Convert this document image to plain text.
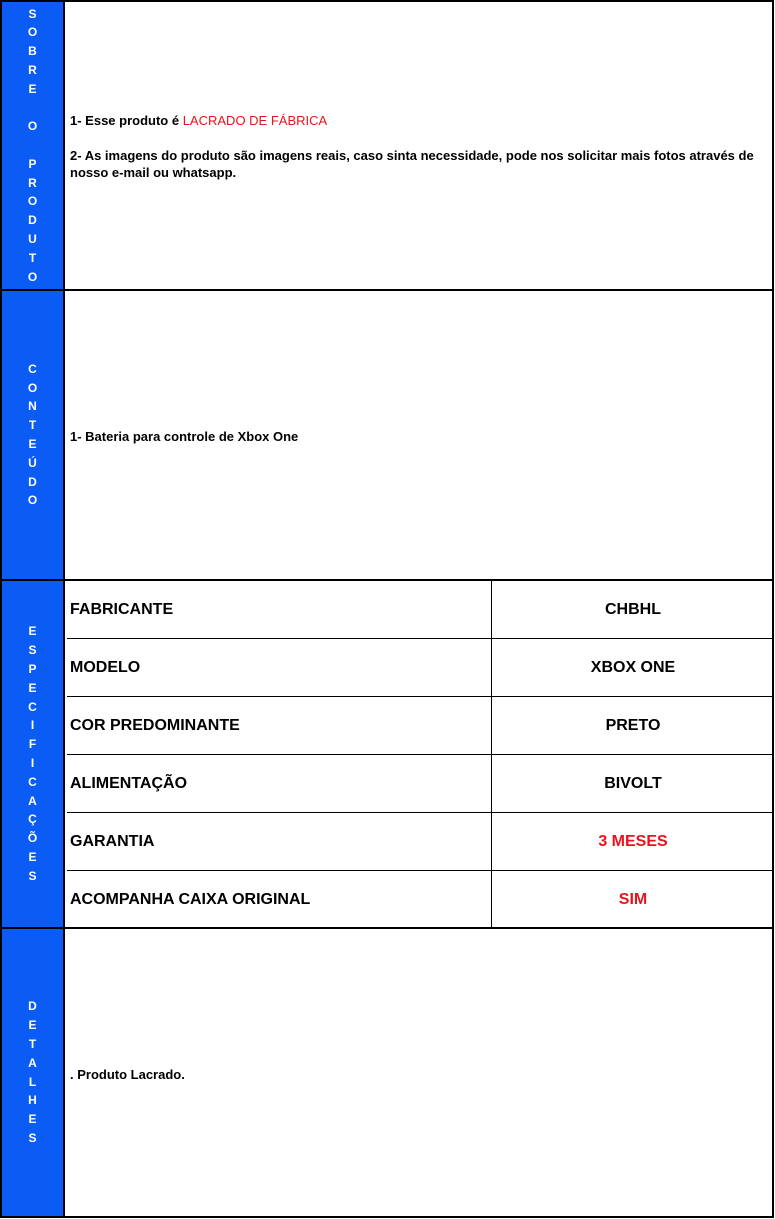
S
O
B
R
E

O

P
R
O
D
U
T
O
1- Esse produto é LACRADO DE FÁBRICA
2- As imagens do produto são imagens reais, caso sinta necessidade, pode nos solicitar mais fotos através de nosso e-mail ou whatsapp.
C
O
N
T
E
Ú
D
O
1- Bateria para controle de Xbox One
E
S
P
E
C
I
F
I
C
A
Ç
Õ
E
S
FABRICANTE	CHBHL
MODELO	XBOX ONE
COR PREDOMINANTE	PRETO
ALIMENTAÇÃO	BIVOLT
GARANTIA	3 MESES
ACOMPANHA CAIXA ORIGINAL	SIM
D
E
T
A
L
H
E
S
. Produto Lacrado.
